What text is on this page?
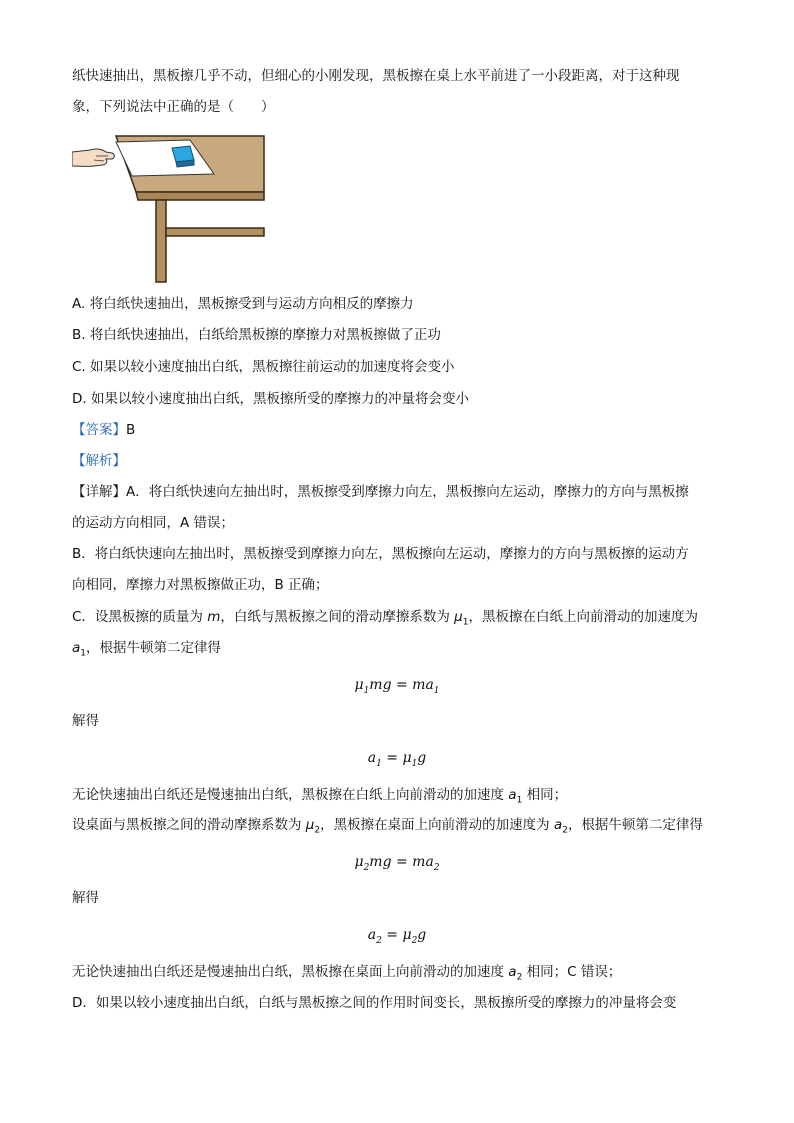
纸快速抽出，黑板擦几乎不动，但细心的小刚发现，黑板擦在桌上水平前进了一小段距离，对于这种现
象，下列说法中正确的是（　　）
A. 将白纸快速抽出，黑板擦受到与运动方向相反的摩擦力
B. 将白纸快速抽出，白纸给黑板擦的摩擦力对黑板擦做了正功
C. 如果以较小速度抽出白纸，黑板擦往前运动的加速度将会变小
D. 如果以较小速度抽出白纸，黑板擦所受的摩擦力的冲量将会变小
【答案】B
【解析】
【详解】A．将白纸快速向左抽出时，黑板擦受到摩擦力向左，黑板擦向左运动，摩擦力的方向与黑板擦
的运动方向相同，A 错误；
B．将白纸快速向左抽出时，黑板擦受到摩擦力向左，黑板擦向左运动，摩擦力的方向与黑板擦的运动方
向相同，摩擦力对黑板擦做正功，B 正确；
C．设黑板擦的质量为 m，白纸与黑板擦之间的滑动摩擦系数为 $\mu_1$，黑板擦在白纸上向前滑动的加速度为
$a_1$，根据牛顿第二定律得
$\mu_1mg = ma_1$
解得
$a_1 = \mu_1g$
无论快速抽出白纸还是慢速抽出白纸，黑板擦在白纸上向前滑动的加速度 $a_1$ 相同；
设桌面与黑板擦之间的滑动摩擦系数为 $\mu_2$，黑板擦在桌面上向前滑动的加速度为 $a_2$，根据牛顿第二定律得
$\mu_2mg = ma_2$
解得
$a_2 = \mu_2g$
无论快速抽出白纸还是慢速抽出白纸，黑板擦在桌面上向前滑动的加速度 $a_2$ 相同；C 错误；
D．如果以较小速度抽出白纸，白纸与黑板擦之间的作用时间变长，黑板擦所受的摩擦力的冲量将会变
